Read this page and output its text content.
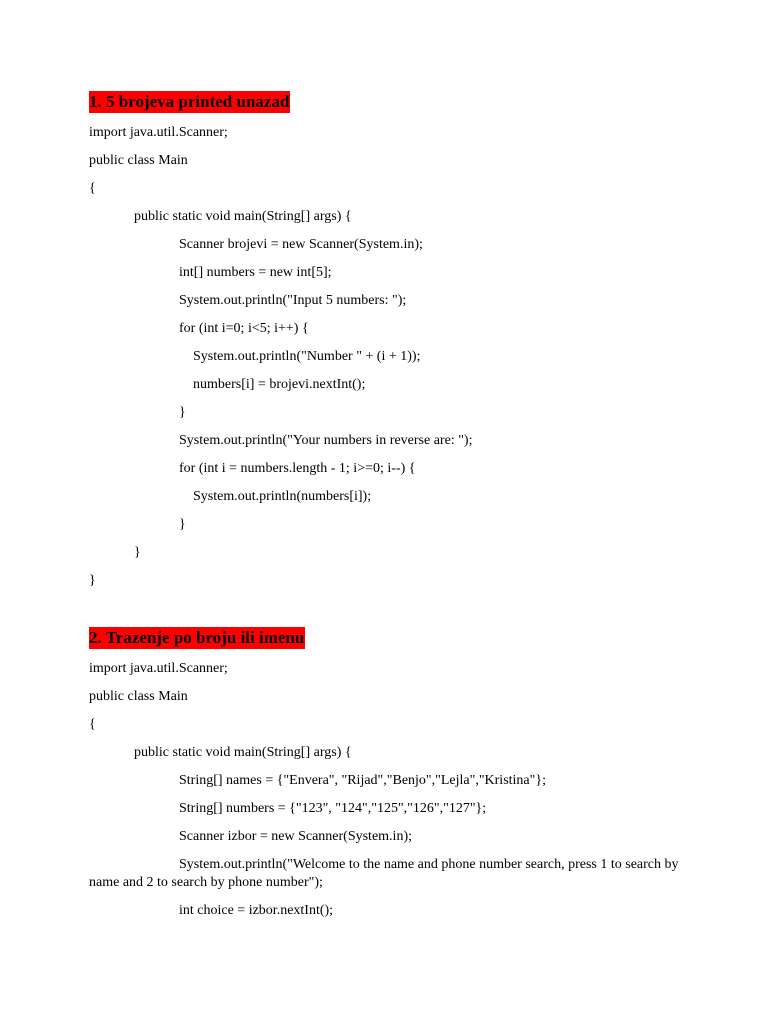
1. 5 brojeva printed unazad
import java.util.Scanner;
public class Main
{
public static void main(String[] args) {
Scanner brojevi = new Scanner(System.in);
int[] numbers = new int[5];
System.out.println("Input 5 numbers: ");
for (int i=0; i<5; i++) {
System.out.println("Number " + (i + 1));
numbers[i] = brojevi.nextInt();
}
System.out.println("Your numbers in reverse are: ");
for (int i = numbers.length - 1; i>=0; i--) {
System.out.println(numbers[i]);
}
}
}
2. Trazenje po broju ili imenu
import java.util.Scanner;
public class Main
{
public static void main(String[] args) {
String[] names = {"Envera", "Rijad","Benjo","Lejla","Kristina"};
String[] numbers = {"123", "124","125","126","127"};
Scanner izbor = new Scanner(System.in);
System.out.println("Welcome to the name and phone number search, press 1 to search by name and 2 to search by phone number");
int choice = izbor.nextInt();
